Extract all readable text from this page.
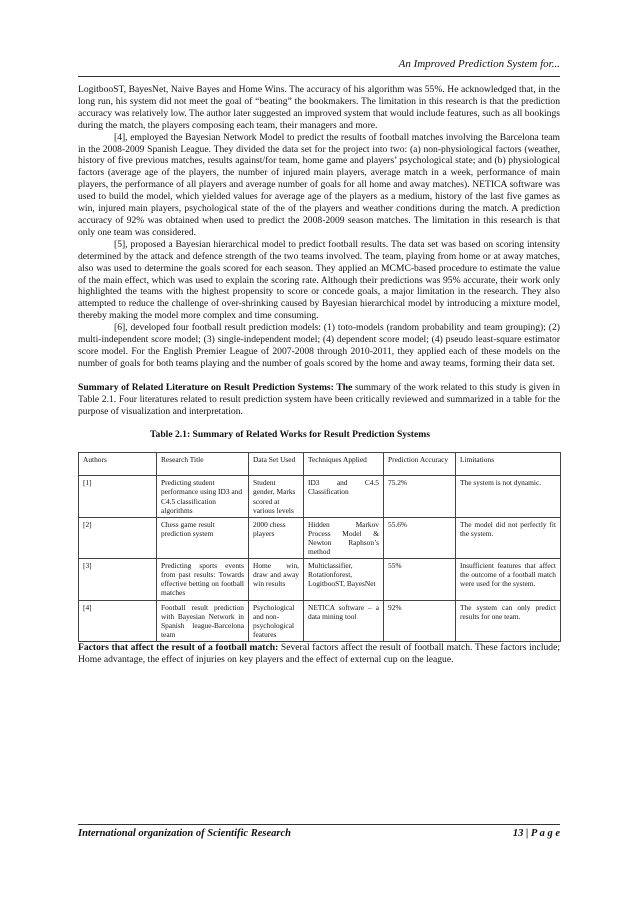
An Improved Prediction System for...

LogitbooST, BayesNet, Naive Bayes and Home Wins. The accuracy of his algorithm was 55%. He acknowledged that, in the long run, his system did not meet the goal of “beating” the bookmakers. The limitation in this research is that the prediction accuracy was relatively low. The author later suggested an improved system that would include features, such as all bookings during the match, the players composing each team, their managers and more.

[4], employed the Bayesian Network Model to predict the results of football matches involving the Barcelona team in the 2008-2009 Spanish League. They divided the data set for the project into two: (a) non-physiological factors (weather, history of five previous matches, results against/for team, home game and players’ psychological state; and (b) physiological factors (average age of the players, the number of injured main players, average match in a week, performance of main players, the performance of all players and average number of goals for all home and away matches). NETICA software was used to build the model, which yielded values for average age of the players as a medium, history of the last five games as win, injured main players, psychological state of the of the players and weather conditions during the match. A prediction accuracy of 92% was obtained when used to predict the 2008-2009 season matches. The limitation in this research is that only one team was considered.

[5], proposed a Bayesian hierarchical model to predict football results. The data set was based on scoring intensity determined by the attack and defence strength of the two teams involved. The team, playing from home or at away matches, also was used to determine the goals scored for each season. They applied an MCMC-based procedure to estimate the value of the main effect, which was used to explain the scoring rate. Although their predictions was 95% accurate, their work only highlighted the teams with the highest propensity to score or concede goals, a major limitation in the research. They also attempted to reduce the challenge of over-shrinking caused by Bayesian hierarchical model by introducing a mixture model, thereby making the model more complex and time consuming.

[6], developed four football result prediction models: (1) toto-models (random probability and team grouping); (2) multi-independent score model; (3) single-independent model; (4) dependent score model; (4) pseudo least-square estimator score model. For the English Premier League of 2007-2008 through 2010-2011, they applied each of these models on the number of goals for both teams playing and the number of goals scored by the home and away teams, forming their data set.

Summary of Related Literature on Result Prediction Systems: The summary of the work related to this study is given in Table 2.1. Four literatures related to result prediction system have been critically reviewed and summarized in a table for the purpose of visualization and interpretation.

Table 2.1: Summary of Related Works for Result Prediction Systems
Authors	Research Title	Data Set Used	Techniques Applied	Prediction Accuracy	Limitations
[1]	Predicting student performance using ID3 and C4.5 classification algorithms	Student gender, Marks scored at various levels	ID3 and C4.5 Classification	75.2%	The system is not dynamic.
[2]	Chess game result prediction system	2000 chess players	Hidden Markov Process Model & Newton Raphson’s method	55.6%	The model did not perfectly fit the system.
[3]	Predicting sports events from past results: Towards effective betting on football matches	Home win, draw and away win results	Multiclassifier, Rotationforest, LogitbooST, BayesNet	55%	Insufficient features that affect the outcome of a football match were used for the system.
[4]	Football result prediction with Bayesian Network in Spanish league-Barcelona team	Psychological and non-psychological features	NETICA software – a data mining tool	92%	The system can only predict results for one team.

Factors that affect the result of a football match: Several factors affect the result of football match. These factors include; Home advantage, the effect of injuries on key players and the effect of external cup on the league.

International organization of Scientific Research	13 | P a g e
